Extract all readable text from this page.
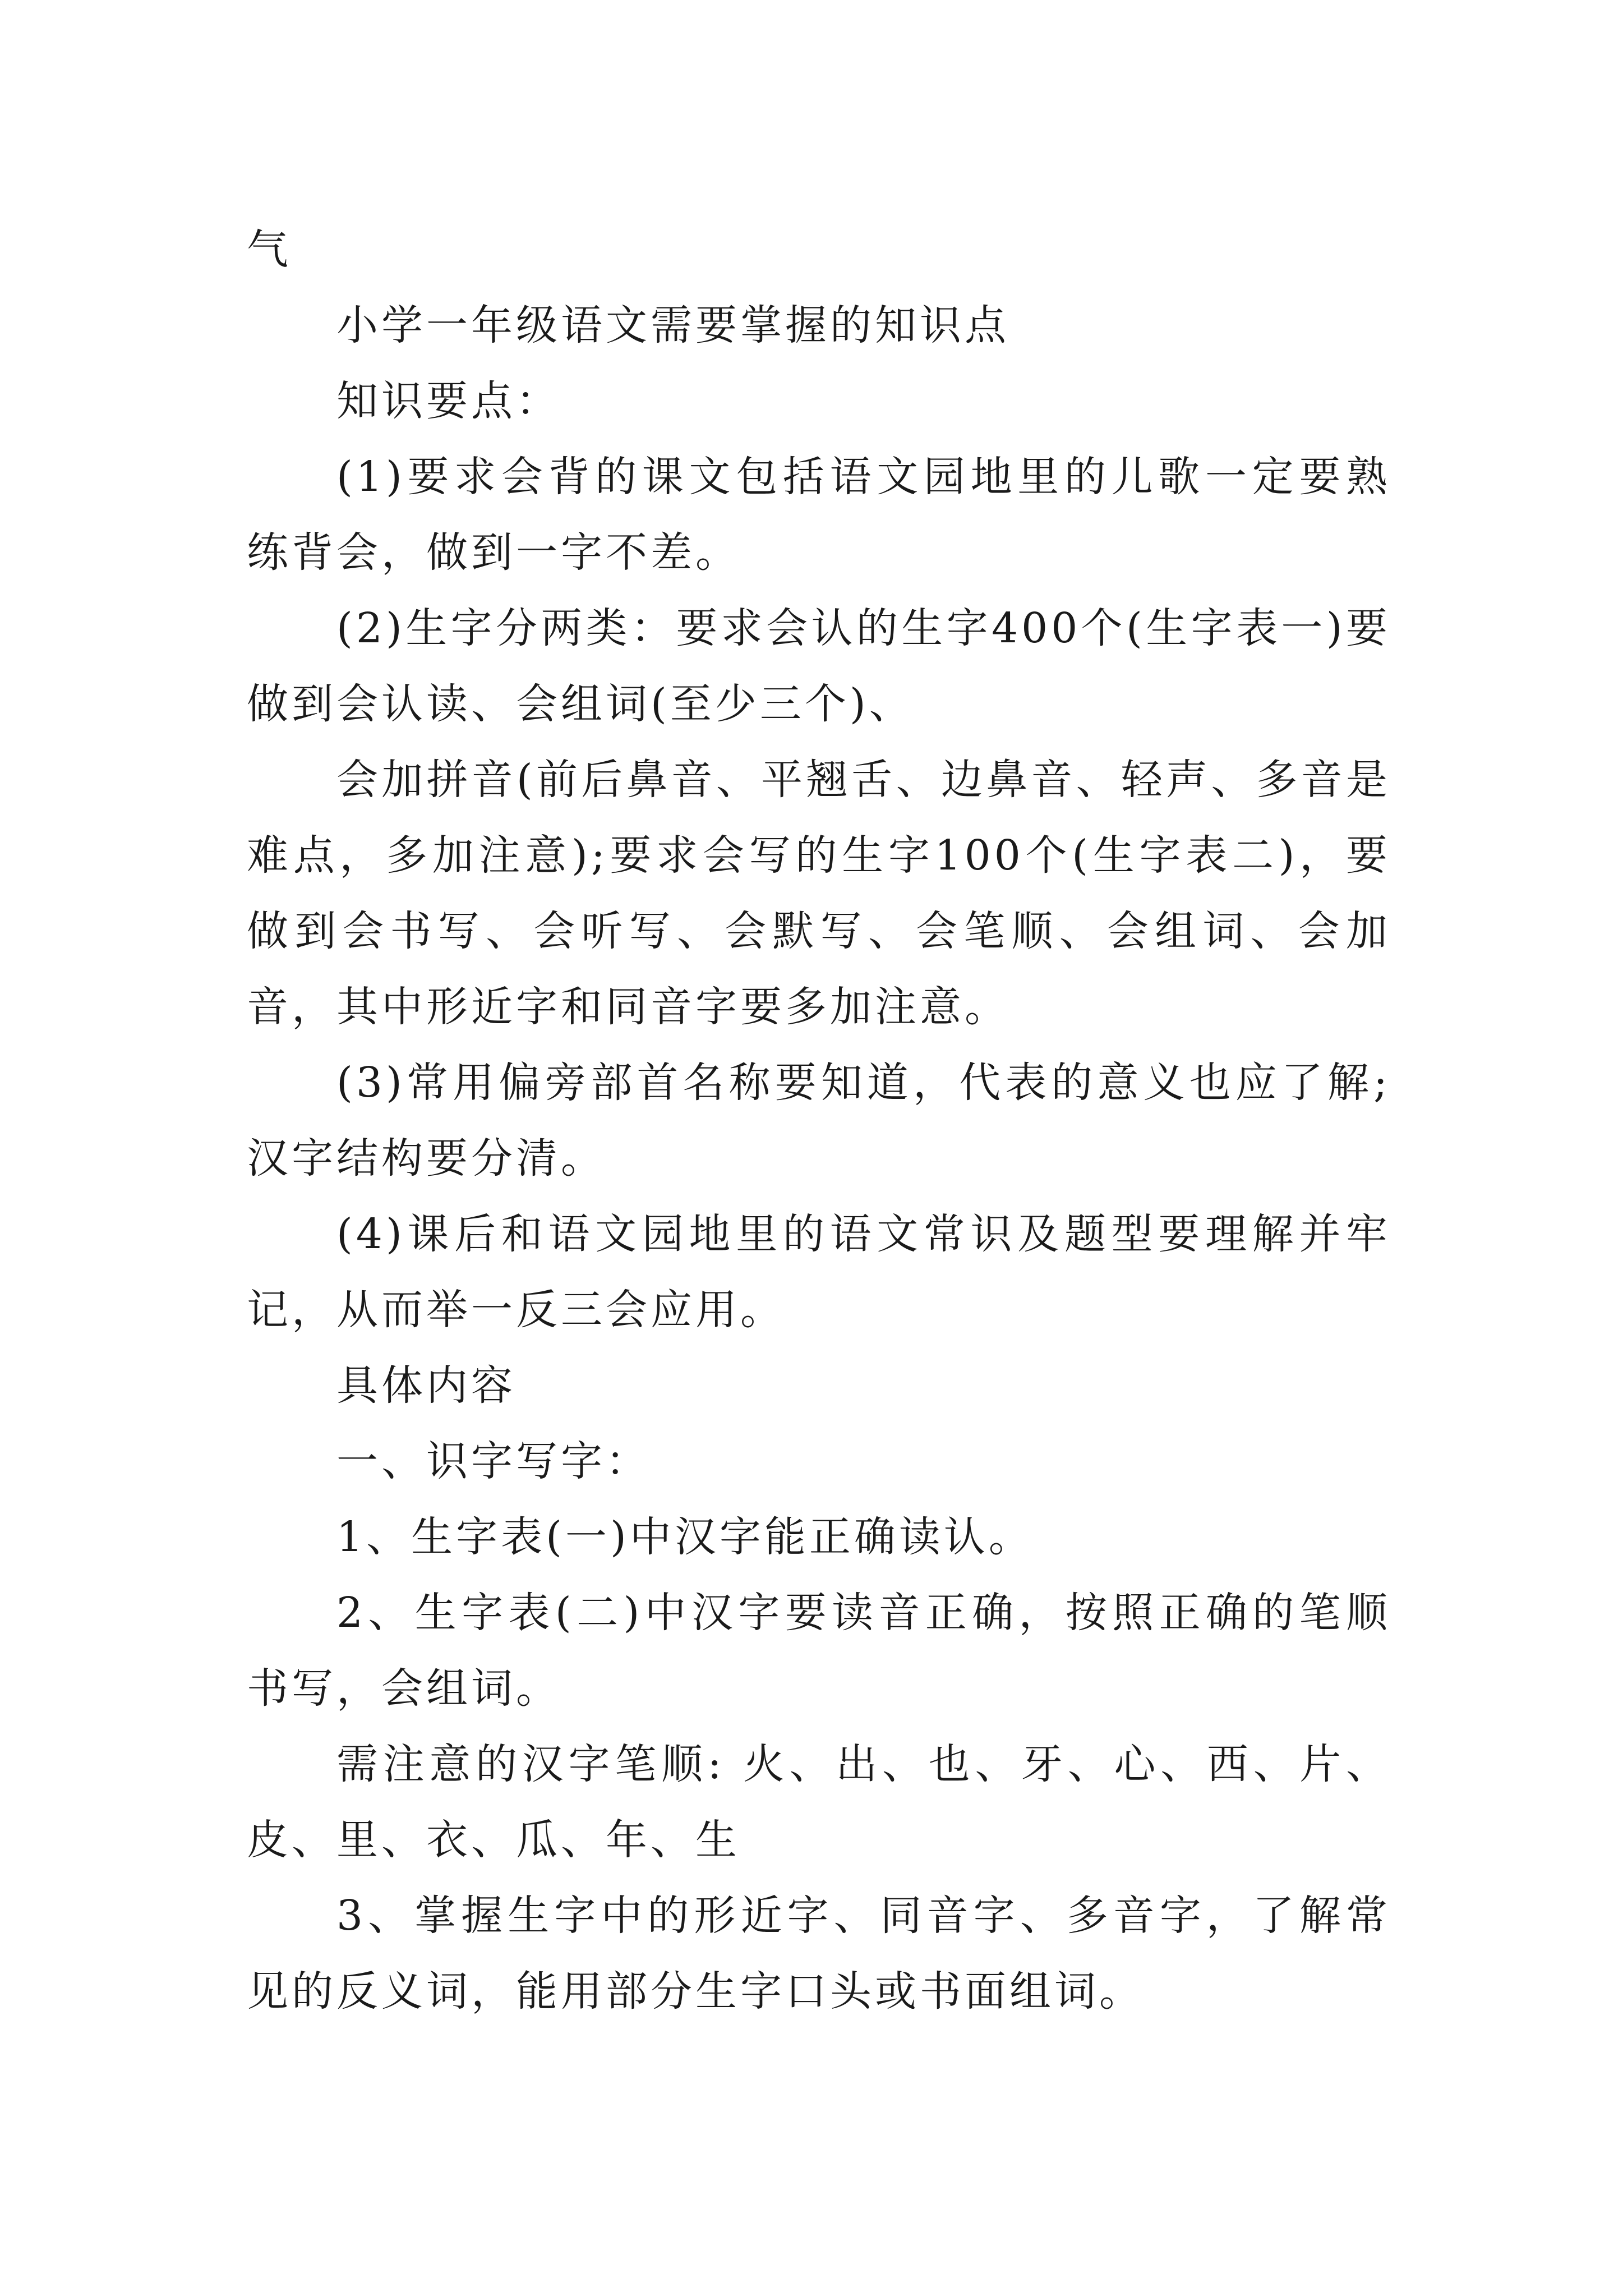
气

小学一年级语文需要掌握的知识点

知识要点：

(1)要求会背的课文包括语文园地里的儿歌一定要熟练背会，做到一字不差。

(2)生字分两类：要求会认的生字400个(生字表一)要做到会认读、会组词(至少三个)、

会加拼音(前后鼻音、平翘舌、边鼻音、轻声、多音是难点，多加注意);要求会写的生字100个(生字表二)，要做到会书写、会听写、会默写、会笔顺、会组词、会加音，其中形近字和同音字要多加注意。

(3)常用偏旁部首名称要知道，代表的意义也应了解;汉字结构要分清。

(4)课后和语文园地里的语文常识及题型要理解并牢记，从而举一反三会应用。

具体内容

一、识字写字：

1、生字表(一)中汉字能正确读认。

2、生字表(二)中汉字要读音正确，按照正确的笔顺书写，会组词。

需注意的汉字笔顺: 火、出、也、牙、心、西、片、皮、里、衣、瓜、年、生

3、掌握生字中的形近字、同音字、多音字，了解常见的反义词，能用部分生字口头或书面组词。
